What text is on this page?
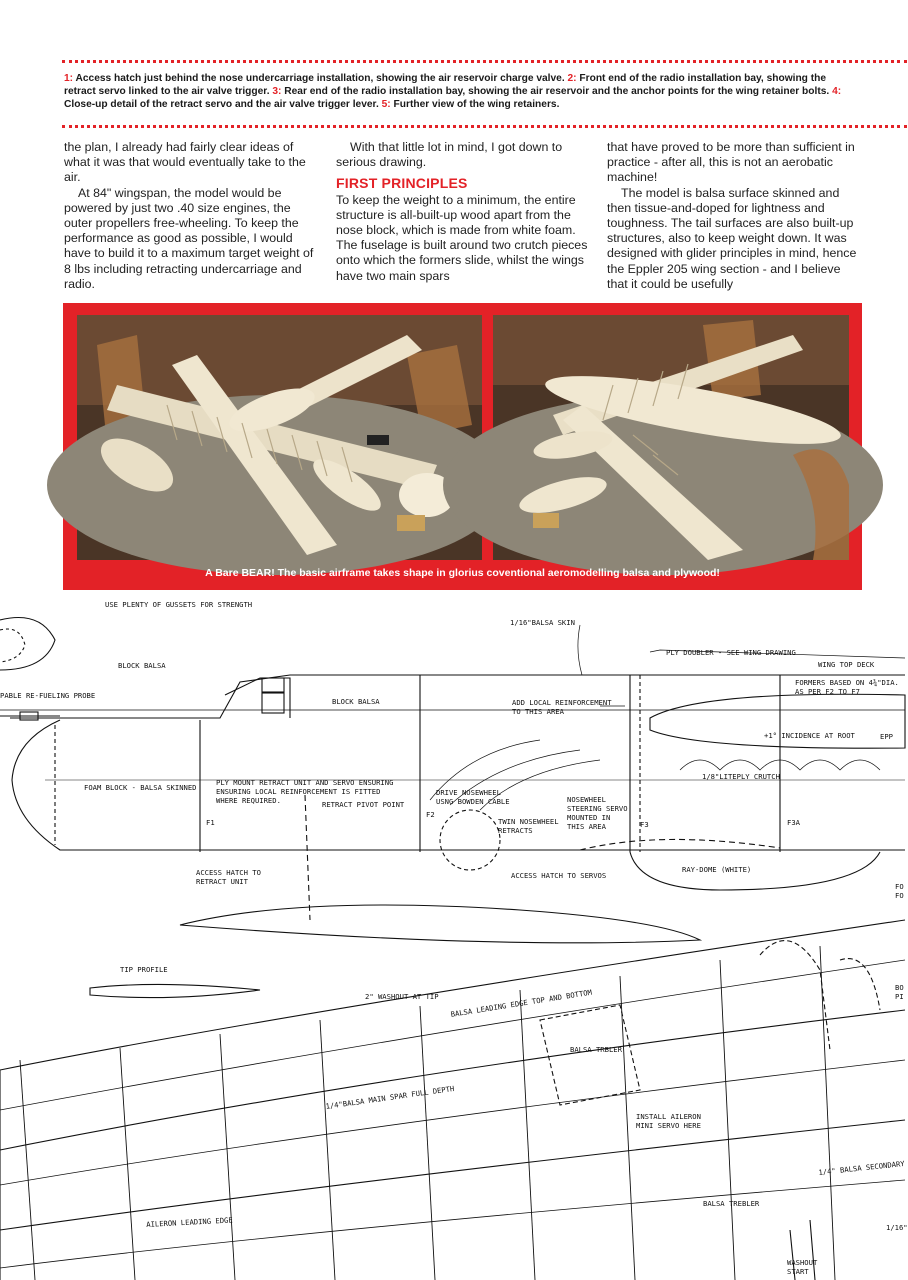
1: Access hatch just behind the nose undercarriage installation, showing the air reservoir charge valve. 2: Front end of the radio installation bay, showing the retract servo linked to the air valve trigger. 3: Rear end of the radio installation bay, showing the air reservoir and the anchor points for the wing retainer bolts. 4: Close-up detail of the retract servo and the air valve trigger lever. 5: Further view of the wing retainers.

the plan, I already had fairly clear ideas of what it was that would eventually take to the air.

At 84" wingspan, the model would be powered by just two .40 size engines, the outer propellers free-wheeling. To keep the performance as good as possible, I would have to build it to a maximum target weight of 8 lbs including retracting undercarriage and radio.

With that little lot in mind, I got down to serious drawing.

FIRST PRINCIPLES

To keep the weight to a minimum, the entire structure is all-built-up wood apart from the nose block, which is made from white foam. The fuselage is built around two crutch pieces onto which the formers slide, whilst the wings have two main spars

that have proved to be more than sufficient in practice - after all, this is not an aerobatic machine!

The model is balsa surface skinned and then tissue-and-doped for lightness and toughness. The tail surfaces are also built-up structures, also to keep weight down. It was designed with glider principles in mind, hence the Eppler 205 wing section - and I believe that it could be usefully

A Bare BEAR! The basic airframe takes shape in glorius coventional aeromodelling balsa and plywood!
USE PLENTY OF GUSSETS FOR STRENGTH
1/16"BALSA SKIN
BLOCK BALSA
PLY DOUBLER - SEE WING DRAWING
WING TOP DECK
PABLE RE-FUELING PROBE
BLOCK BALSA	ADD LOCAL REINFORCEMENT
TO THIS AREA
FORMERS BASED ON 4¾"DIA.
AS PER F2 TO F7
+1° INCIDENCE AT ROOT	EPP
FOAM BLOCK - BALSA SKINNED
PLY MOUNT RETRACT UNIT AND SERVO ENSURING
ENSURING LOCAL REINFORCEMENT IS FITTED
WHERE REQUIRED.	RETRACT PIVOT POINT
1/8"LITEPLY CRUTCH
DRIVE NOSEWHEEL
USNG BOWDEN CABLE	NOSEWHEEL
STEERING SERVO
MOUNTED IN
THIS AREA
TWIN NOSEWHEEL
RETRACTS
F1
F2
F3	F3A
ACCESS HATCH TO
RETRACT UNIT
ACCESS HATCH TO SERVOS
RAY-DOME (WHITE)
FO
FO
TIP PROFILE
2" WASHOUT AT TIP BALSA LEADING EDGE TOP AND BOTTOM
BALSA TRBLER
1/4"BALSA MAIN SPAR FULL DEPTH
INSTALL AILERON
MINI SERVO HERE
1/4" BALSA SECONDARY
BALSA TREBLER
AILERON LEADING EDGE	1/16"
WASHOUT
START
BO
PI
